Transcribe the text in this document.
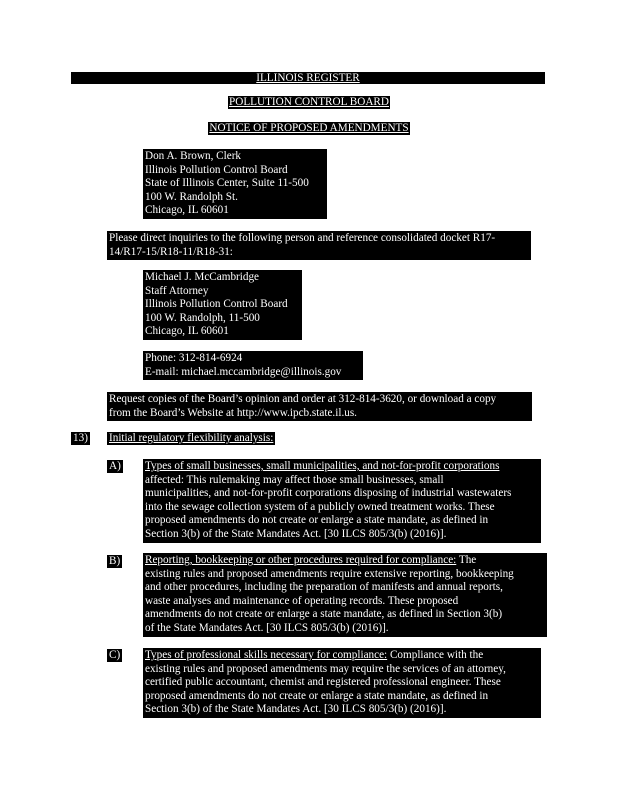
ILLINOIS REGISTER
POLLUTION CONTROL BOARD
NOTICE OF PROPOSED AMENDMENTS
Don A. Brown, Clerk
Illinois Pollution Control Board
State of Illinois Center, Suite 11-500
100 W. Randolph St.
Chicago, IL 60601
Please direct inquiries to the following person and reference consolidated docket R17-
14/R17-15/R18-11/R18-31:
Michael J. McCambridge
Staff Attorney
Illinois Pollution Control Board
100 W. Randolph, 11-500
Chicago, IL 60601
Phone: 312-814-6924
E-mail: michael.mccambridge@illinois.gov
Request copies of the Board’s opinion and order at 312-814-3620, or download a copy
from the Board’s Website at http://www.ipcb.state.il.us.
13) Initial regulatory flexibility analysis:
A) Types of small businesses, small municipalities, and not-for-profit corporations
affected: This rulemaking may affect those small businesses, small
municipalities, and not-for-profit corporations disposing of industrial wastewaters
into the sewage collection system of a publicly owned treatment works. These
proposed amendments do not create or enlarge a state mandate, as defined in
Section 3(b) of the State Mandates Act. [30 ILCS 805/3(b) (2016)].
B) Reporting, bookkeeping or other procedures required for compliance: The
existing rules and proposed amendments require extensive reporting, bookkeeping
and other procedures, including the preparation of manifests and annual reports,
waste analyses and maintenance of operating records. These proposed
amendments do not create or enlarge a state mandate, as defined in Section 3(b)
of the State Mandates Act. [30 ILCS 805/3(b) (2016)].
C) Types of professional skills necessary for compliance: Compliance with the
existing rules and proposed amendments may require the services of an attorney,
certified public accountant, chemist and registered professional engineer. These
proposed amendments do not create or enlarge a state mandate, as defined in
Section 3(b) of the State Mandates Act. [30 ILCS 805/3(b) (2016)].
